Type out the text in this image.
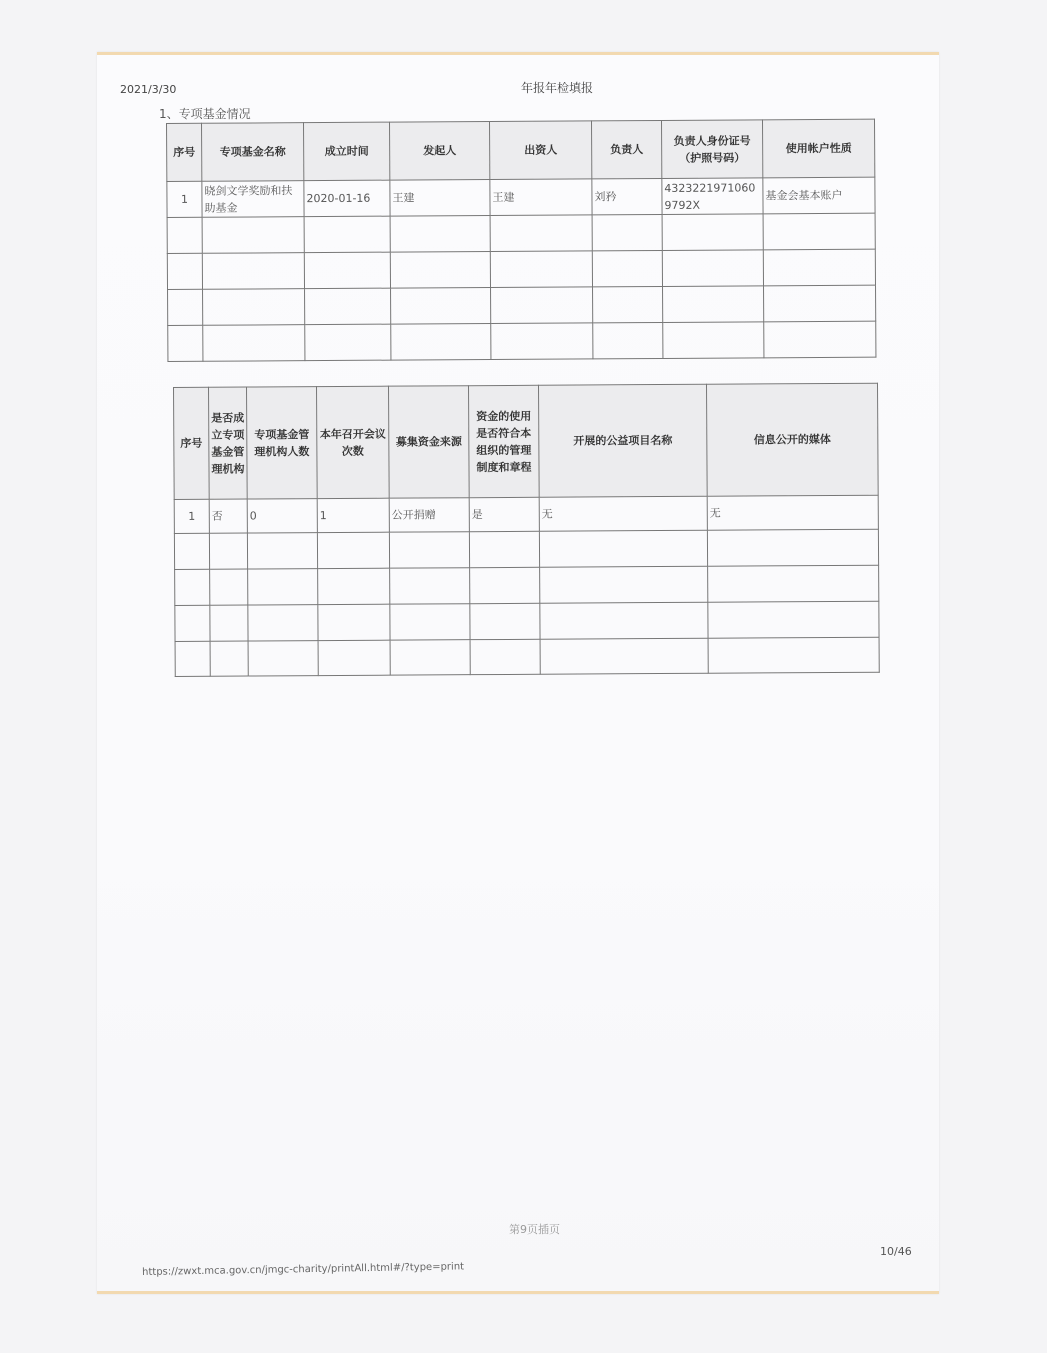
2021/3/30	年报年检填报
1、专项基金情况
序号	专项基金名称	成立时间	发起人	出资人	负责人	负责人身份证号（护照号码）	使用帐户性质
1	晓剑文学奖励和扶助基金	2020-01-16	王建	王建	刘矜	43232219710609792X	基金会基本账户

序号	是否成立专项基金管理机构	专项基金管理机构人数	本年召开会议次数	募集资金来源	资金的使用是否符合本组织的管理制度和章程	开展的公益项目名称	信息公开的媒体
1	否	0	1	公开捐赠	是	无	无

第9页插页
10/46
https://zwxt.mca.gov.cn/jmgc-charity/printAll.html#/?type=print
